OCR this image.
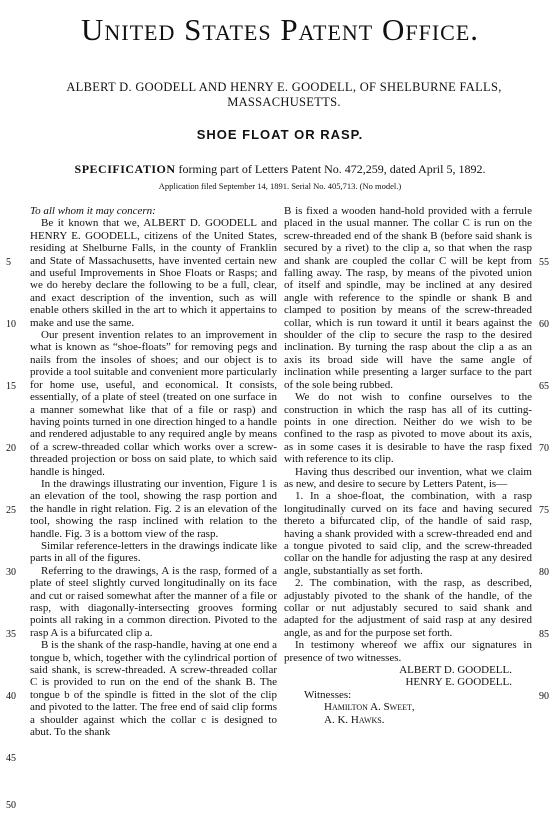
United States Patent Office.
ALBERT D. GOODELL AND HENRY E. GOODELL, OF SHELBURNE FALLS,
MASSACHUSETTS.
SHOE FLOAT OR RASP.
SPECIFICATION forming part of Letters Patent No. 472,259, dated April 5, 1892.
Application filed September 14, 1891. Serial No. 405,713. (No model.)

To all whom it may concern:

Be it known that we, ALBERT D. GOODELL and HENRY E. GOODELL, citizens of the United States, residing at Shelburne Falls, in the county of Franklin and State of Massachusetts, have invented certain new and useful Improvements in Shoe Floats or Rasps; and we do hereby declare the following to be a full, clear, and exact description of the invention, such as will enable others skilled in the art to which it appertains to make and use the same.

Our present invention relates to an improvement in what is known as “shoe-floats” for removing pegs and nails from the insoles of shoes; and our object is to provide a tool suitable and convenient more particularly for home use, useful, and economical. It consists, essentially, of a plate of steel (treated on one surface in a manner somewhat like that of a file or rasp) and having points turned in one direction hinged to a handle and rendered adjustable to any required angle by means of a screw-threaded collar which works over a screw-threaded projection or boss on said plate, to which said handle is hinged.

In the drawings illustrating our invention, Figure 1 is an elevation of the tool, showing the rasp portion and the handle in right relation. Fig. 2 is an elevation of the tool, showing the rasp inclined with relation to the handle. Fig. 3 is a bottom view of the rasp.

Similar reference-letters in the drawings indicate like parts in all of the figures.

Referring to the drawings, A is the rasp, formed of a plate of steel slightly curved longitudinally on its face and cut or raised somewhat after the manner of a file or rasp, with diagonally-intersecting grooves forming points all raking in a common direction. Pivoted to the rasp A is a bifurcated clip a.

B is the shank of the rasp-handle, having at one end a tongue b, which, together with the cylindrical portion of said shank, is screw-threaded. A screw-threaded collar C is provided to run on the end of the shank B. The tongue b of the spindle is fitted in the slot of the clip and pivoted to the latter. The free end of said clip forms a shoulder against which the collar c is designed to abut. To the shank

B is fixed a wooden hand-hold provided with a ferrule placed in the usual manner. The collar C is run on the screw-threaded end of the shank B (before said shank is secured by a rivet) to the clip a, so that when the rasp and shank are coupled the collar C will be kept from falling away. The rasp, by means of the pivoted union of itself and spindle, may be inclined at any desired angle with reference to the spindle or shank B and clamped to position by means of the screw-threaded collar, which is run toward it until it bears against the shoulder of the clip to secure the rasp to the desired inclination. By turning the rasp about the clip a as an axis its broad side will have the same angle of inclination while presenting a larger surface to the part of the sole being rubbed.

We do not wish to confine ourselves to the construction in which the rasp has all of its cutting-points in one direction. Neither do we wish to be confined to the rasp as pivoted to move about its axis, as in some cases it is desirable to have the rasp fixed with reference to its clip.

Having thus described our invention, what we claim as new, and desire to secure by Letters Patent, is—

1. In a shoe-float, the combination, with a rasp longitudinally curved on its face and having secured thereto a bifurcated clip, of the handle of said rasp, having a shank provided with a screw-threaded end and a tongue pivoted to said clip, and the screw-threaded collar on the handle for adjusting the rasp at any desired angle, substantially as set forth.

2. The combination, with the rasp, as described, adjustably pivoted to the shank of the handle, of the collar or nut adjustably secured to said shank and adapted for the adjustment of said rasp at any desired angle, as and for the purpose set forth.

In testimony whereof we affix our signatures in presence of two witnesses.

ALBERT D. GOODELL.
HENRY E. GOODELL.
Witnesses:
Hamilton A. Sweet,
A. K. Hawks.
5
10
15
20
25
30
35
40
45
50
55
60
65
70
75
80
85
90
